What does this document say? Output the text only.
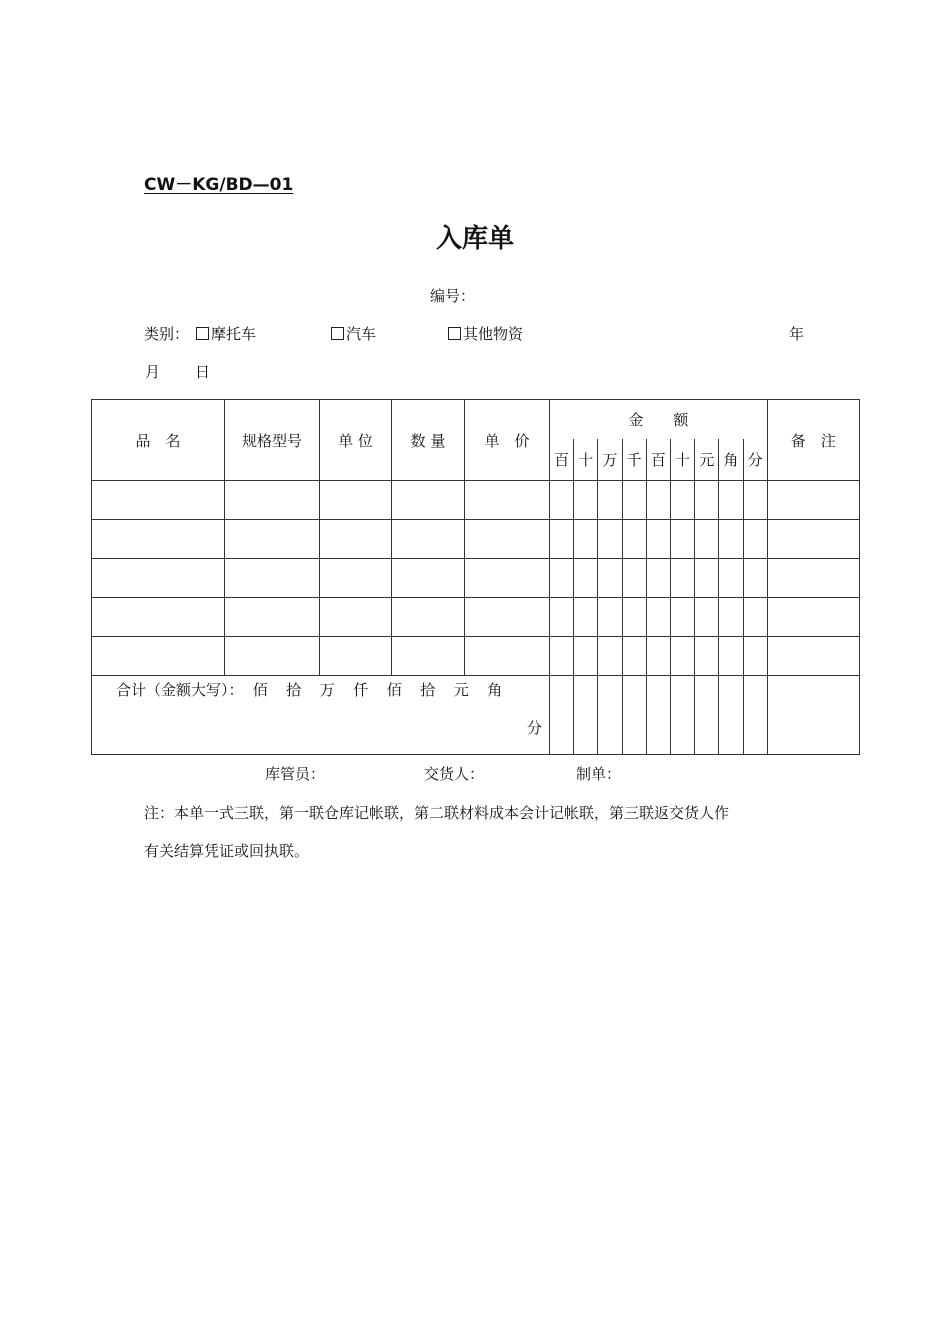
CW－KG/BD—01
入库单
编号：
类别：	摩托车	汽车	其他物资	年
月 日
品　名	规格型号	单 位	数 量	单　价	金　　额									备　注
					百	十	万	千	百	十	元	角	分	

合计（金额大写）： 佰 拾 万 仟 佰 拾 元 角
分														

库管员：	交货人：	制单：
注：本单一式三联，第一联仓库记帐联，第二联材料成本会计记帐联，第三联返交货人作
有关结算凭证或回执联。
